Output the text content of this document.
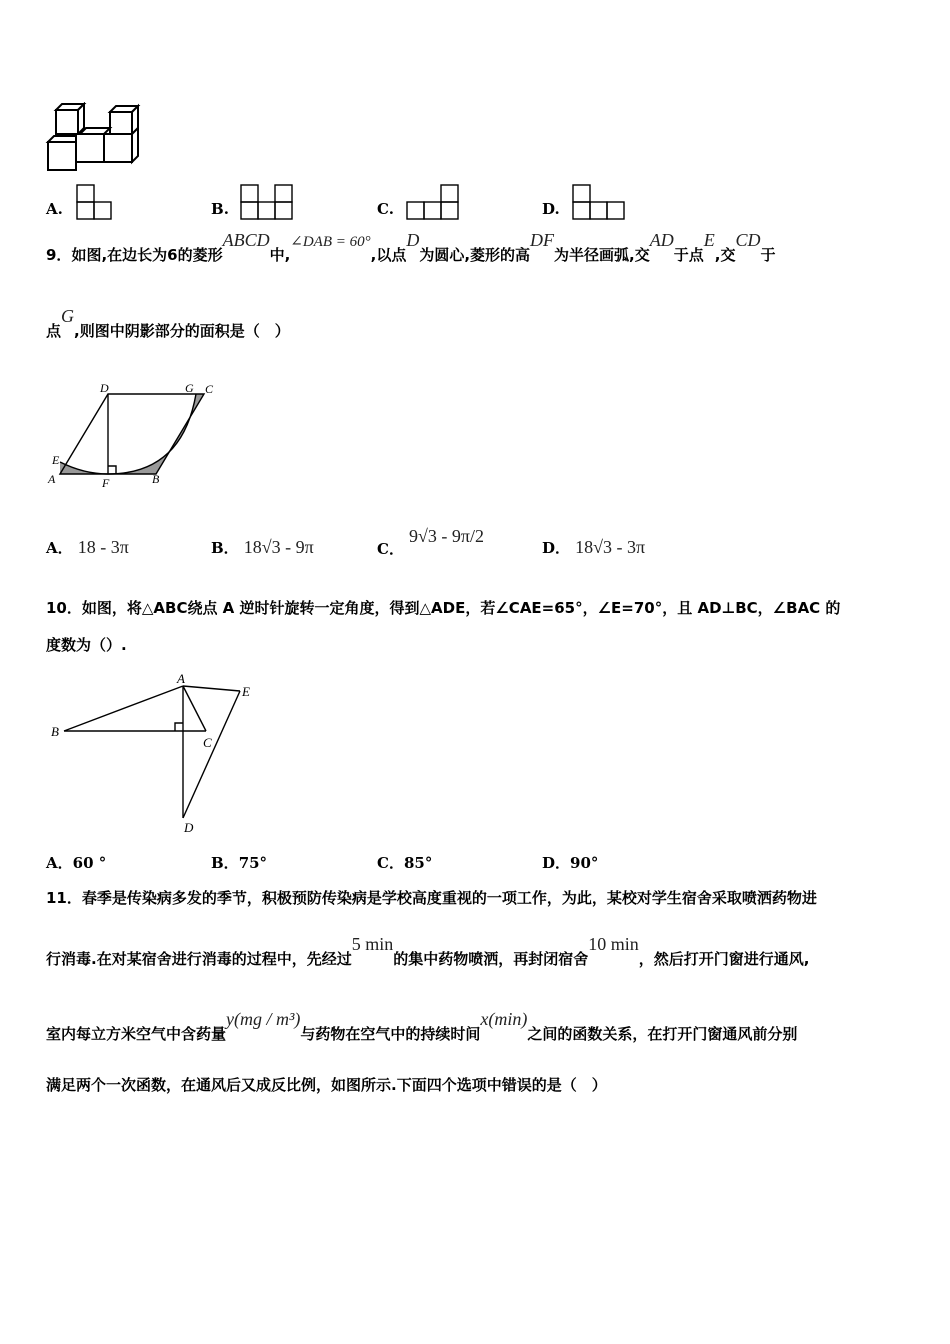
A.	B.	C.	D.
9．如图,在边长为6的菱形ABCD中,∠DAB = 60°,以点D为圆心,菱形的高DF为半径画弧,交AD于点E,交CD于
点G,则图中阴影部分的面积是（　）
D	G C
E
A	F	B
A． 18 - 3π	B． 18√3 - 9π	C． 9√3 - 9π/2
D． 18√3 - 3π
10．如图，将△ABC绕点 A 逆时针旋转一定角度，得到△ADE，若∠CAE=65°，∠E=70°，且 AD⊥BC，∠BAC 的
度数为（）.
A
B
C
D
E
A．60 °	B．75°	C．85°	D．90°
11．春季是传染病多发的季节，积极预防传染病是学校高度重视的一项工作，为此，某校对学生宿舍采取喷洒药物进
行消毒.在对某宿舍进行消毒的过程中，先经过5 min的集中药物喷洒，再封闭宿舍10 min，然后打开门窗进行通风,
室内每立方米空气中含药量y(mg / m³)与药物在空气中的持续时间x(min)之间的函数关系，在打开门窗通风前分别
满足两个一次函数，在通风后又成反比例，如图所示.下面四个选项中错误的是（　）
